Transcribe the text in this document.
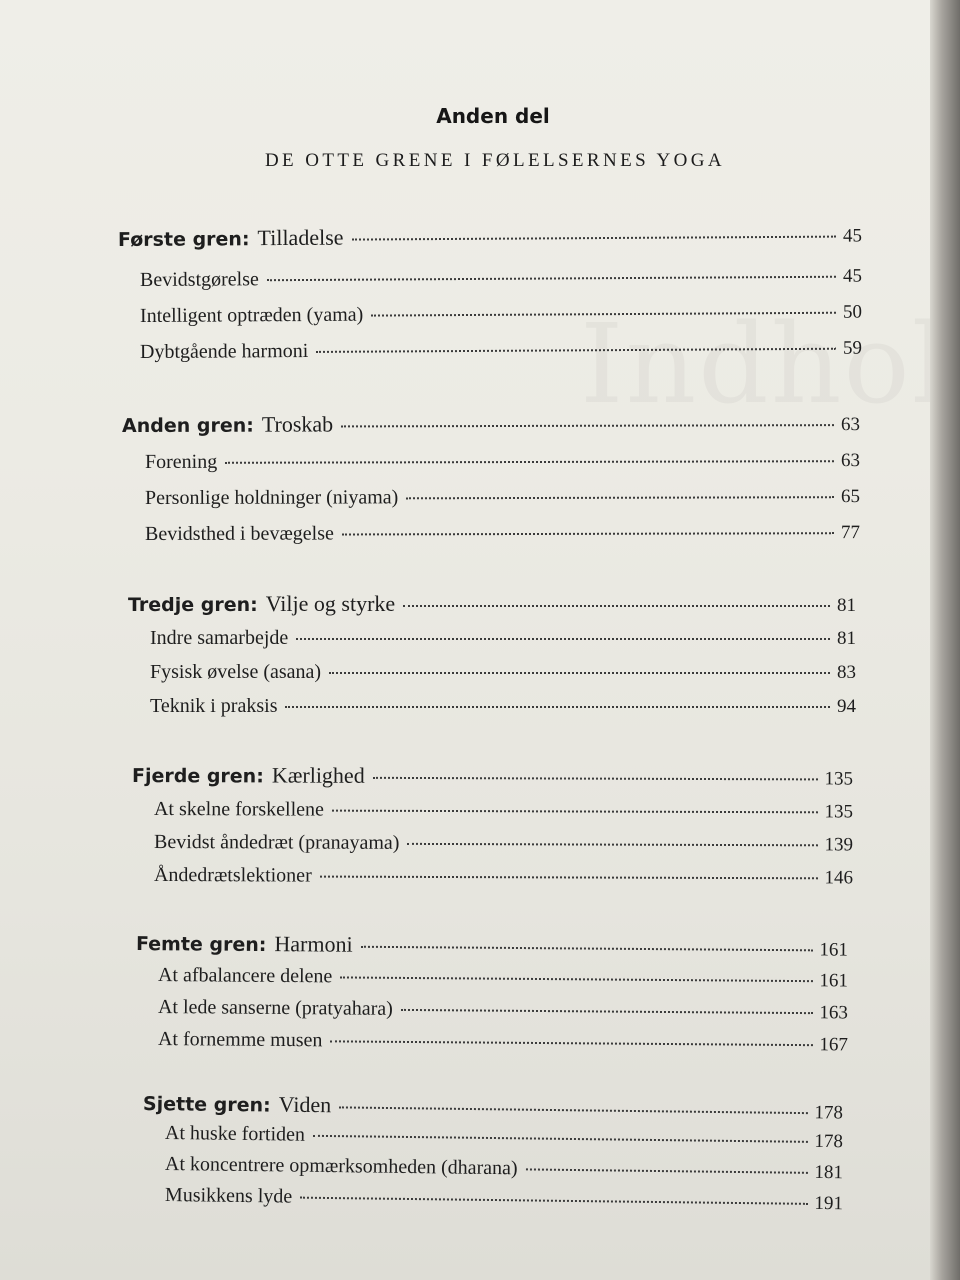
Anden del
DE OTTE GRENE I FØLELSERNES YOGA
Første gren: Tilladelse	45
Bevidstgørelse	45
Intelligent optræden (yama)	50
Dybtgående harmoni	59
Anden gren: Troskab	63
Forening	63
Personlige holdninger (niyama)	65
Bevidsthed i bevægelse	77
Tredje gren: Vilje og styrke	81
Indre samarbejde	81
Fysisk øvelse (asana)	83
Teknik i praksis	94
Fjerde gren: Kærlighed	135
At skelne forskellene	135
Bevidst åndedræt (pranayama)	139
Åndedrætslektioner	146
Femte gren: Harmoni	161
At afbalancere delene	161
At lede sanserne (pratyahara)	163
At fornemme musen	167
Sjette gren: Viden	178
At huske fortiden	178
At koncentrere opmærksomheden (dharana)	181
Musikkens lyde	191
